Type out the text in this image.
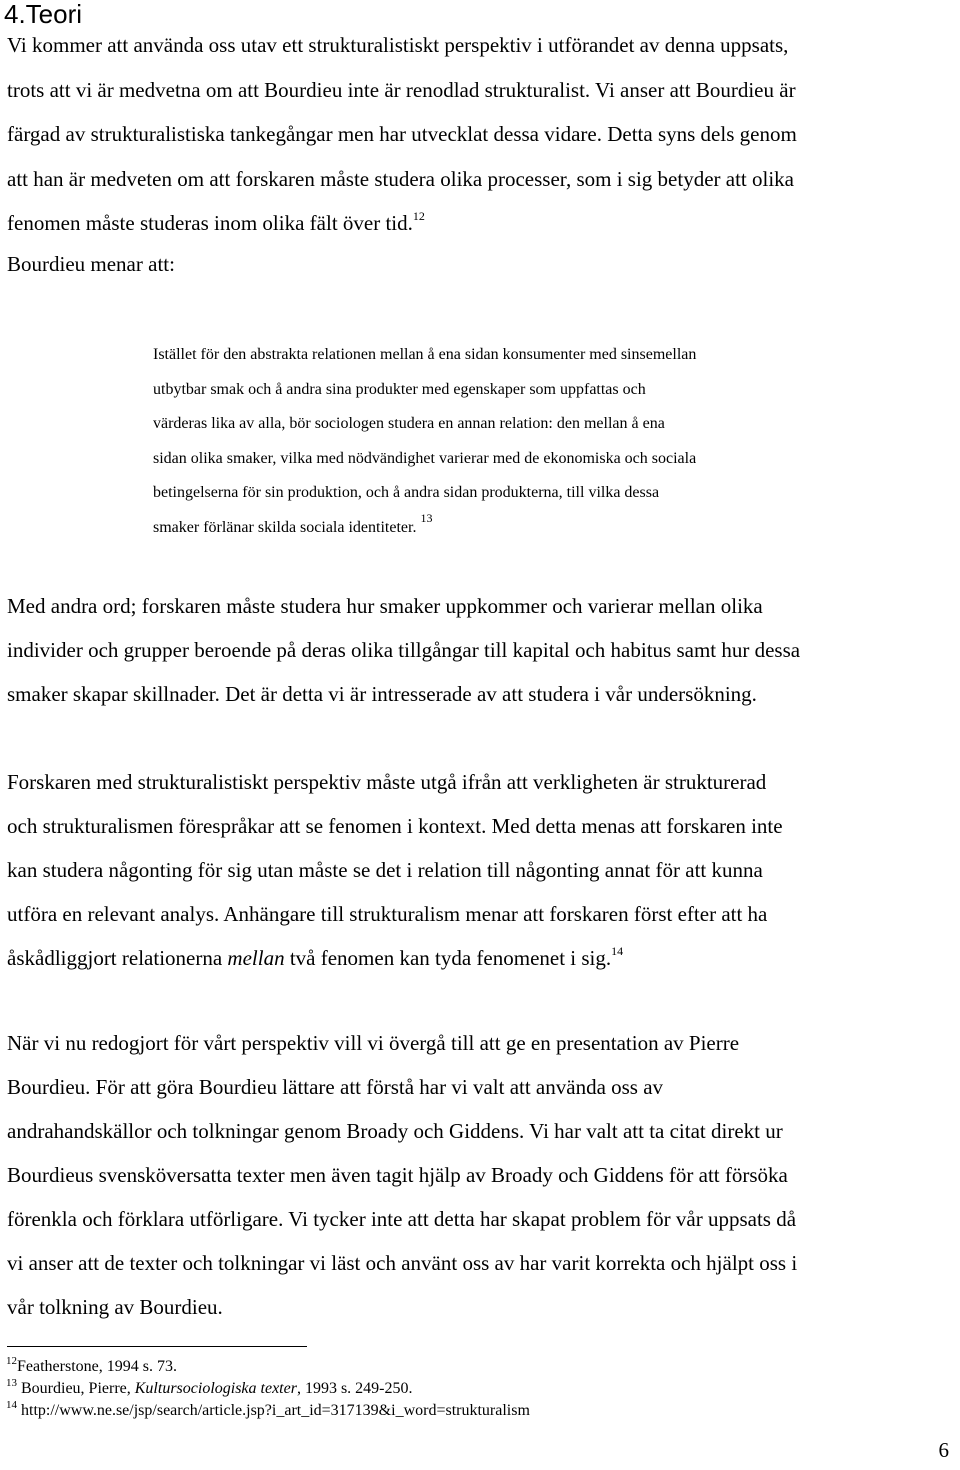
4.Teori
Vi kommer att använda oss utav ett strukturalistiskt perspektiv i utförandet av denna uppsats,
trots att vi är medvetna om att Bourdieu inte är renodlad strukturalist. Vi anser att Bourdieu är
färgad av strukturalistiska tankegångar men har utvecklat dessa vidare. Detta syns dels genom
att han är medveten om att forskaren måste studera olika processer, som i sig betyder att olika
fenomen måste studeras inom olika fält över tid.$^{12}$
Bourdieu menar att:
Istället för den abstrakta relationen mellan å ena sidan konsumenter med sinsemellan
utbytbar smak och å andra sina produkter med egenskaper som uppfattas och
värderas lika av alla, bör sociologen studera en annan relation: den mellan å ena
sidan olika smaker, vilka med nödvändighet varierar med de ekonomiska och sociala
betingelserna för sin produktion, och å andra sidan produkterna, till vilka dessa
smaker förlänar skilda sociala identiteter. $^{13}$
Med andra ord; forskaren måste studera hur smaker uppkommer och varierar mellan olika
individer och grupper beroende på deras olika tillgångar till kapital och habitus samt hur dessa
smaker skapar skillnader. Det är detta vi är intresserade av att studera i vår undersökning.
Forskaren med strukturalistiskt perspektiv måste utgå ifrån att verkligheten är strukturerad
och strukturalismen förespråkar att se fenomen i kontext. Med detta menas att forskaren inte
kan studera någonting för sig utan måste se det i relation till någonting annat för att kunna
utföra en relevant analys. Anhängare till strukturalism menar att forskaren först efter att ha
åskådliggjort relationerna mellan två fenomen kan tyda fenomenet i sig.$^{14}$
När vi nu redogjort för vårt perspektiv vill vi övergå till att ge en presentation av Pierre
Bourdieu. För att göra Bourdieu lättare att förstå har vi valt att använda oss av
andrahandskällor och tolkningar genom Broady och Giddens. Vi har valt att ta citat direkt ur
Bourdieus svensköversatta texter men även tagit hjälp av Broady och Giddens för att försöka
förenkla och förklara utförligare. Vi tycker inte att detta har skapat problem för vår uppsats då
vi anser att de texter och tolkningar vi läst och använt oss av har varit korrekta och hjälpt oss i
vår tolkning av Bourdieu.
$^{12}$Featherstone, 1994 s. 73.
$^{13}$ Bourdieu, Pierre, Kultursociologiska texter, 1993 s. 249-250.
$^{14}$ http://www.ne.se/jsp/search/article.jsp?i_art_id=317139&i_word=strukturalism
6
